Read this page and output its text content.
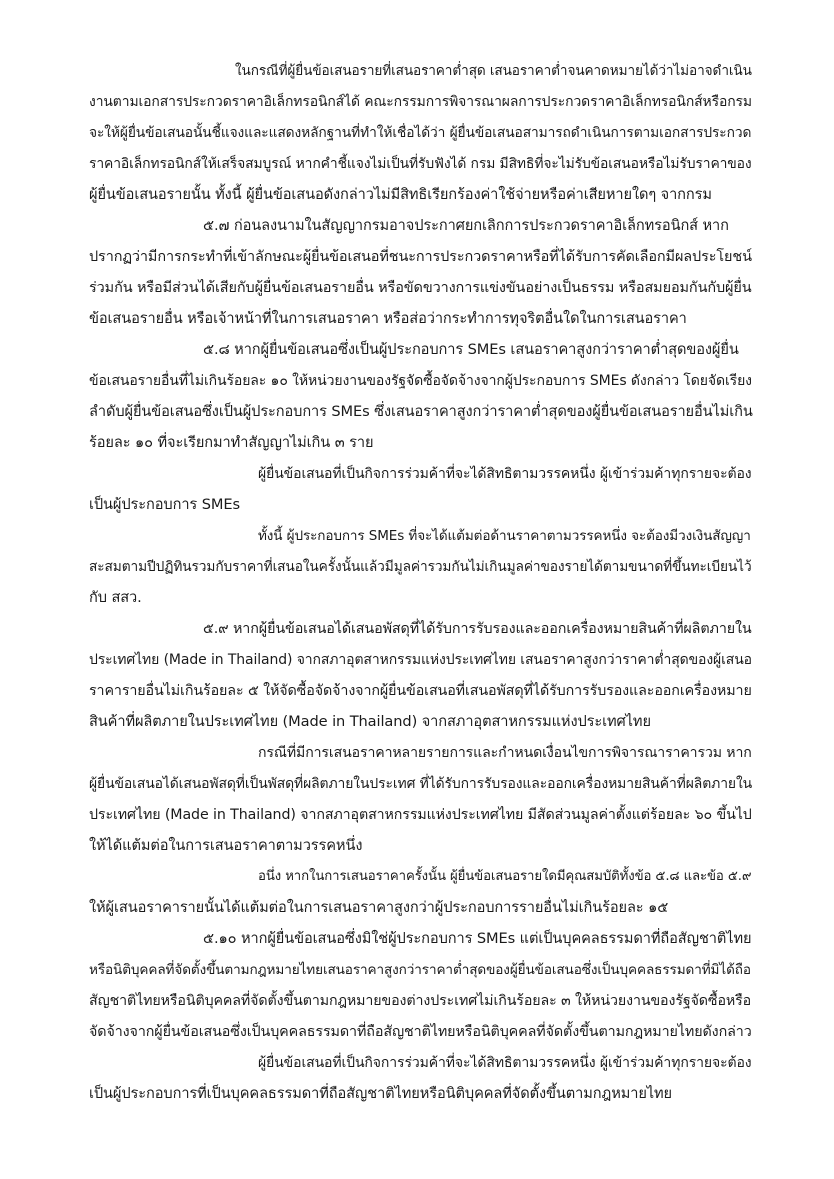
ในกรณีที่ผู้ยื่นข้อเสนอรายที่เสนอราคาต่ำสุด เสนอราคาต่ำจนคาดหมายได้ว่าไม่อาจดำเนิน
งานตามเอกสารประกวดราคาอิเล็กทรอนิกส์ได้ คณะกรรมการพิจารณาผลการประกวดราคาอิเล็กทรอนิกส์หรือกรม
จะให้ผู้ยื่นข้อเสนอนั้นชี้แจงและแสดงหลักฐานที่ทำให้เชื่อได้ว่า ผู้ยื่นข้อเสนอสามารถดำเนินการตามเอกสารประกวด
ราคาอิเล็กทรอนิกส์ให้เสร็จสมบูรณ์ หากคำชี้แจงไม่เป็นที่รับฟังได้ กรม มีสิทธิที่จะไม่รับข้อเสนอหรือไม่รับราคาของ
ผู้ยื่นข้อเสนอรายนั้น ทั้งนี้ ผู้ยื่นข้อเสนอดังกล่าวไม่มีสิทธิเรียกร้องค่าใช้จ่ายหรือค่าเสียหายใดๆ จากกรม
๕.๗ ก่อนลงนามในสัญญากรมอาจประกาศยกเลิกการประกวดราคาอิเล็กทรอนิกส์ หาก
ปรากฏว่ามีการกระทำที่เข้าลักษณะผู้ยื่นข้อเสนอที่ชนะการประกวดราคาหรือที่ได้รับการคัดเลือกมีผลประโยชน์
ร่วมกัน หรือมีส่วนได้เสียกับผู้ยื่นข้อเสนอรายอื่น หรือขัดขวางการแข่งขันอย่างเป็นธรรม หรือสมยอมกันกับผู้ยื่น
ข้อเสนอรายอื่น หรือเจ้าหน้าที่ในการเสนอราคา หรือส่อว่ากระทำการทุจริตอื่นใดในการเสนอราคา
๕.๘ หากผู้ยื่นข้อเสนอซึ่งเป็นผู้ประกอบการ SMEs เสนอราคาสูงกว่าราคาต่ำสุดของผู้ยื่น
ข้อเสนอรายอื่นที่ไม่เกินร้อยละ ๑๐ ให้หน่วยงานของรัฐจัดซื้อจัดจ้างจากผู้ประกอบการ SMEs ดังกล่าว โดยจัดเรียง
ลำดับผู้ยื่นข้อเสนอซึ่งเป็นผู้ประกอบการ SMEs ซึ่งเสนอราคาสูงกว่าราคาต่ำสุดของผู้ยื่นข้อเสนอรายอื่นไม่เกิน
ร้อยละ ๑๐ ที่จะเรียกมาทำสัญญาไม่เกิน ๓ ราย
ผู้ยื่นข้อเสนอที่เป็นกิจการร่วมค้าที่จะได้สิทธิตามวรรคหนึ่ง ผู้เข้าร่วมค้าทุกรายจะต้อง
เป็นผู้ประกอบการ SMEs
ทั้งนี้ ผู้ประกอบการ SMEs ที่จะได้แต้มต่อด้านราคาตามวรรคหนึ่ง จะต้องมีวงเงินสัญญา
สะสมตามปีปฏิทินรวมกับราคาที่เสนอในครั้งนั้นแล้วมีมูลค่ารวมกันไม่เกินมูลค่าของรายได้ตามขนาดที่ขึ้นทะเบียนไว้
กับ สสว.
๕.๙ หากผู้ยื่นข้อเสนอได้เสนอพัสดุที่ได้รับการรับรองและออกเครื่องหมายสินค้าที่ผลิตภายใน
ประเทศไทย (Made in Thailand) จากสภาอุตสาหกรรมแห่งประเทศไทย เสนอราคาสูงกว่าราคาต่ำสุดของผู้เสนอ
ราคารายอื่นไม่เกินร้อยละ ๕ ให้จัดซื้อจัดจ้างจากผู้ยื่นข้อเสนอที่เสนอพัสดุที่ได้รับการรับรองและออกเครื่องหมาย
สินค้าที่ผลิตภายในประเทศไทย (Made in Thailand) จากสภาอุตสาหกรรมแห่งประเทศไทย
กรณีที่มีการเสนอราคาหลายรายการและกำหนดเงื่อนไขการพิจารณาราคารวม หาก
ผู้ยื่นข้อเสนอได้เสนอพัสดุที่เป็นพัสดุที่ผลิตภายในประเทศ ที่ได้รับการรับรองและออกเครื่องหมายสินค้าที่ผลิตภายใน
ประเทศไทย (Made in Thailand) จากสภาอุตสาหกรรมแห่งประเทศไทย มีสัดส่วนมูลค่าตั้งแต่ร้อยละ ๖๐ ขึ้นไป
ให้ได้แต้มต่อในการเสนอราคาตามวรรคหนึ่ง
อนึ่ง หากในการเสนอราคาครั้งนั้น ผู้ยื่นข้อเสนอรายใดมีคุณสมบัติทั้งข้อ ๕.๘ และข้อ ๕.๙
ให้ผู้เสนอราคารายนั้นได้แต้มต่อในการเสนอราคาสูงกว่าผู้ประกอบการรายอื่นไม่เกินร้อยละ ๑๕
๕.๑๐ หากผู้ยื่นข้อเสนอซึ่งมิใช่ผู้ประกอบการ SMEs แต่เป็นบุคคลธรรมดาที่ถือสัญชาติไทย
หรือนิติบุคคลที่จัดตั้งขึ้นตามกฎหมายไทยเสนอราคาสูงกว่าราคาต่ำสุดของผู้ยื่นข้อเสนอซึ่งเป็นบุคคลธรรมดาที่มิได้ถือ
สัญชาติไทยหรือนิติบุคคลที่จัดตั้งขึ้นตามกฎหมายของต่างประเทศไม่เกินร้อยละ ๓ ให้หน่วยงานของรัฐจัดซื้อหรือ
จัดจ้างจากผู้ยื่นข้อเสนอซึ่งเป็นบุคคลธรรมดาที่ถือสัญชาติไทยหรือนิติบุคคลที่จัดตั้งขึ้นตามกฎหมายไทยดังกล่าว
ผู้ยื่นข้อเสนอที่เป็นกิจการร่วมค้าที่จะได้สิทธิตามวรรคหนึ่ง ผู้เข้าร่วมค้าทุกรายจะต้อง
เป็นผู้ประกอบการที่เป็นบุคคลธรรมดาที่ถือสัญชาติไทยหรือนิติบุคคลที่จัดตั้งขึ้นตามกฎหมายไทย
